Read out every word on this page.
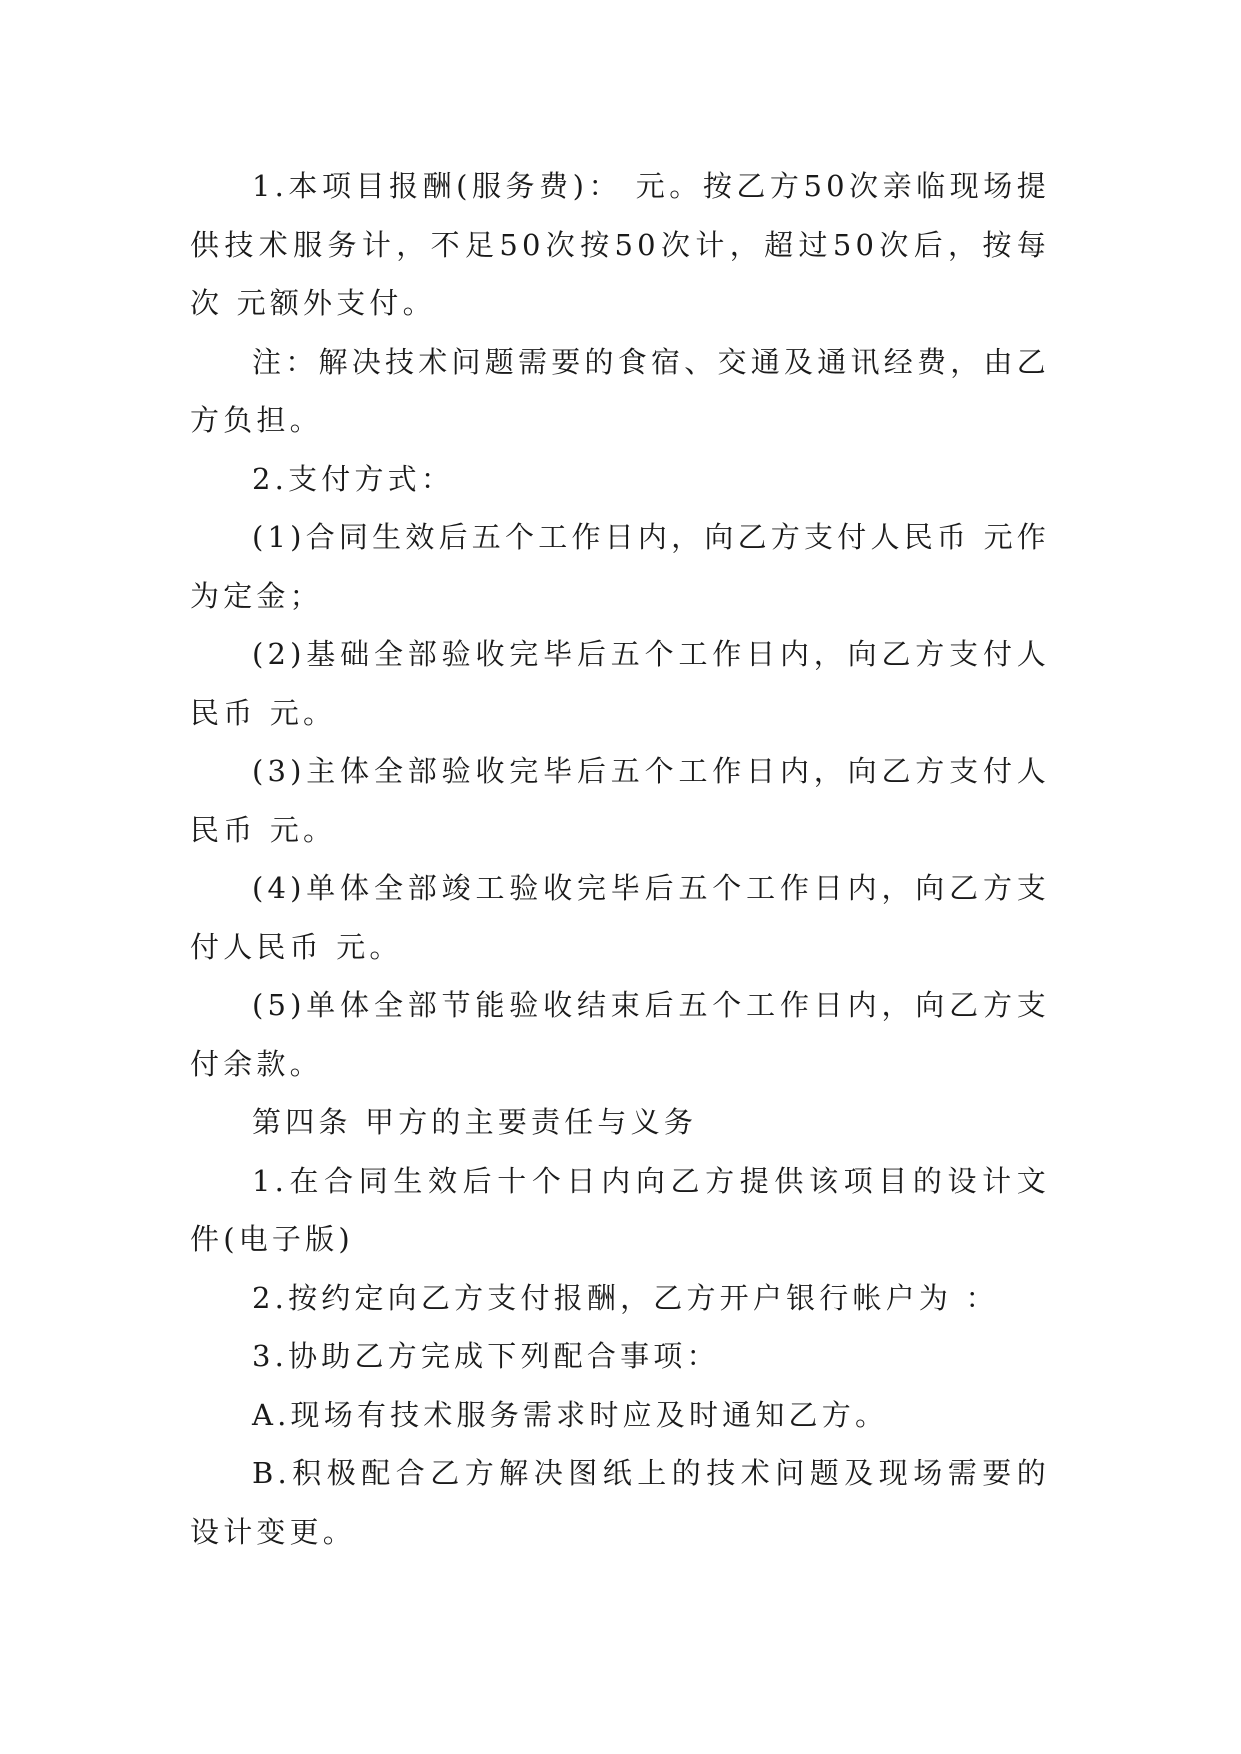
1.本项目报酬(服务费)： 元。按乙方50次亲临现场提供技术服务计，不足50次按50次计，超过50次后，按每次 元额外支付。

注：解决技术问题需要的食宿、交通及通讯经费，由乙方负担。

2.支付方式：

(1)合同生效后五个工作日内，向乙方支付人民币 元作为定金；

(2)基础全部验收完毕后五个工作日内，向乙方支付人民币 元。

(3)主体全部验收完毕后五个工作日内，向乙方支付人民币 元。

(4)单体全部竣工验收完毕后五个工作日内，向乙方支付人民币 元。

(5)单体全部节能验收结束后五个工作日内，向乙方支付余款。

第四条 甲方的主要责任与义务

1.在合同生效后十个日内向乙方提供该项目的设计文件(电子版)

2.按约定向乙方支付报酬，乙方开户银行帐户为 ：

3.协助乙方完成下列配合事项：

A.现场有技术服务需求时应及时通知乙方。

B.积极配合乙方解决图纸上的技术问题及现场需要的设计变更。
